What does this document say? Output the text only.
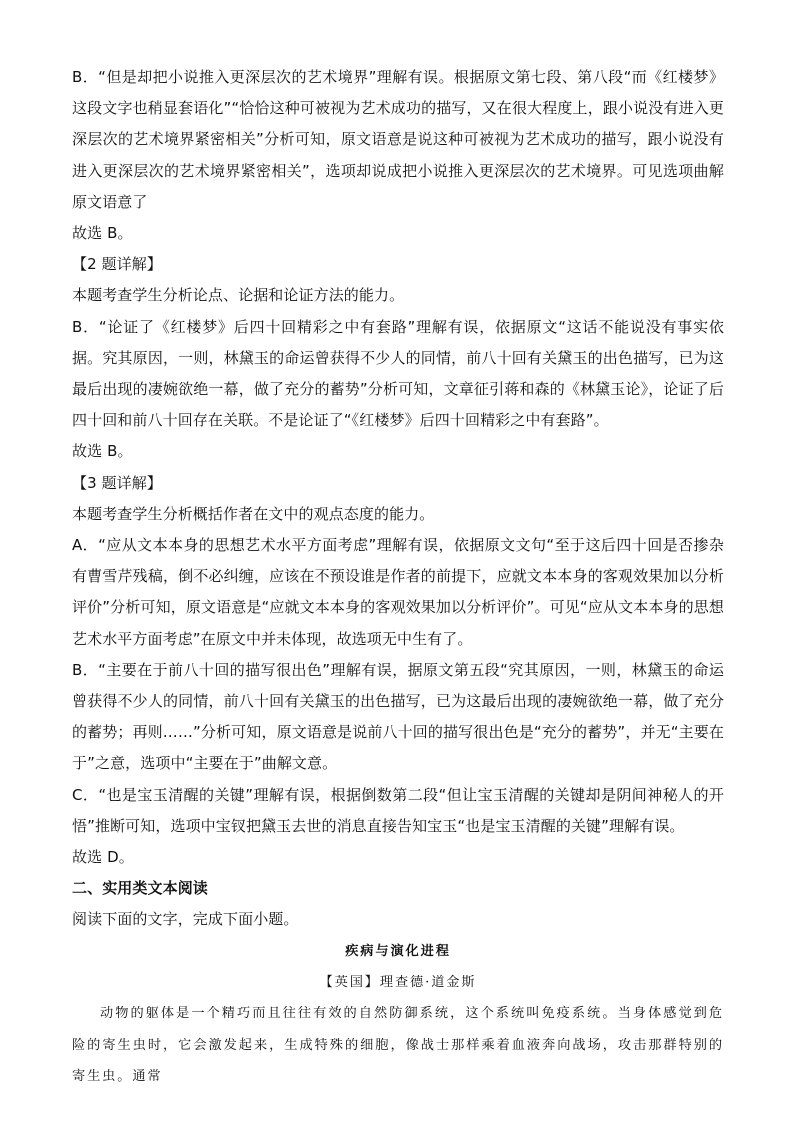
B．“但是却把小说推入更深层次的艺术境界”理解有误。根据原文第七段、第八段“而《红楼梦》这段文字也稍显套语化”“恰恰这种可被视为艺术成功的描写，又在很大程度上，跟小说没有进入更深层次的艺术境界紧密相关”分析可知，原文语意是说这种可被视为艺术成功的描写，跟小说没有进入更深层次的艺术境界紧密相关”，选项却说成把小说推入更深层次的艺术境界。可见选项曲解原文语意了

故选 B。

【2 题详解】

本题考查学生分析论点、论据和论证方法的能力。

B．“论证了《红楼梦》后四十回精彩之中有套路”理解有误，依据原文“这话不能说没有事实依据。究其原因，一则，林黛玉的命运曾获得不少人的同情，前八十回有关黛玉的出色描写，已为这最后出现的凄婉欲绝一幕，做了充分的蓄势”分析可知，文章征引蒋和森的《林黛玉论》，论证了后四十回和前八十回存在关联。不是论证了“《红楼梦》后四十回精彩之中有套路”。

故选 B。

【3 题详解】

本题考查学生分析概括作者在文中的观点态度的能力。

A．“应从文本本身的思想艺术水平方面考虑”理解有误，依据原文文句“至于这后四十回是否掺杂有曹雪芹残稿，倒不必纠缠，应该在不预设谁是作者的前提下，应就文本本身的客观效果加以分析评价”分析可知，原文语意是“应就文本本身的客观效果加以分析评价”。可见“应从文本本身的思想艺术水平方面考虑”在原文中并未体现，故选项无中生有了。

B．“主要在于前八十回的描写很出色”理解有误，据原文第五段“究其原因，一则，林黛玉的命运曾获得不少人的同情，前八十回有关黛玉的出色描写，已为这最后出现的凄婉欲绝一幕，做了充分的蓄势；再则……”分析可知，原文语意是说前八十回的描写很出色是“充分的蓄势”，并无“主要在于”之意，选项中“主要在于”曲解文意。

C．“也是宝玉清醒的关键”理解有误，根据倒数第二段“但让宝玉清醒的关键却是阴间神秘人的开悟”推断可知，选项中宝钗把黛玉去世的消息直接告知宝玉“也是宝玉清醒的关键”理解有误。

故选 D。

二、实用类文本阅读

阅读下面的文字，完成下面小题。

疾病与演化进程

【英国】理查德·道金斯

动物的躯体是一个精巧而且往往有效的自然防御系统，这个系统叫免疫系统。当身体感觉到危险的寄生虫时，它会激发起来，生成特殊的细胞，像战士那样乘着血液奔向战场，攻击那群特别的寄生虫。通常
